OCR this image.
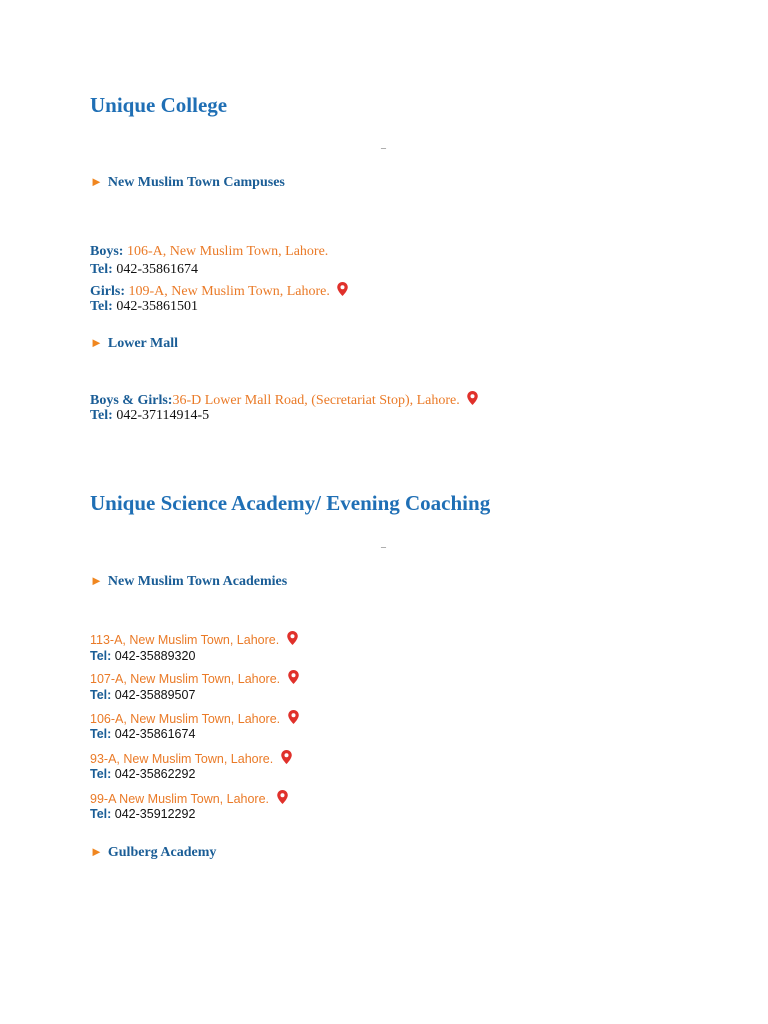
Unique College
–
► New Muslim Town Campuses
Boys: 106-A, New Muslim Town, Lahore.
Tel: 042-35861674
Girls: 109-A, New Muslim Town, Lahore.
Tel: 042-35861501
► Lower Mall
Boys & Girls:36-D Lower Mall Road, (Secretariat Stop), Lahore.
Tel: 042-37114914-5
Unique Science Academy/ Evening Coaching
–
► New Muslim Town Academies
113-A, New Muslim Town, Lahore.
Tel: 042-35889320
107-A, New Muslim Town, Lahore.
Tel: 042-35889507
106-A, New Muslim Town, Lahore.
Tel: 042-35861674
93-A, New Muslim Town, Lahore.
Tel: 042-35862292
99-A New Muslim Town, Lahore.
Tel: 042-35912292
► Gulberg Academy
